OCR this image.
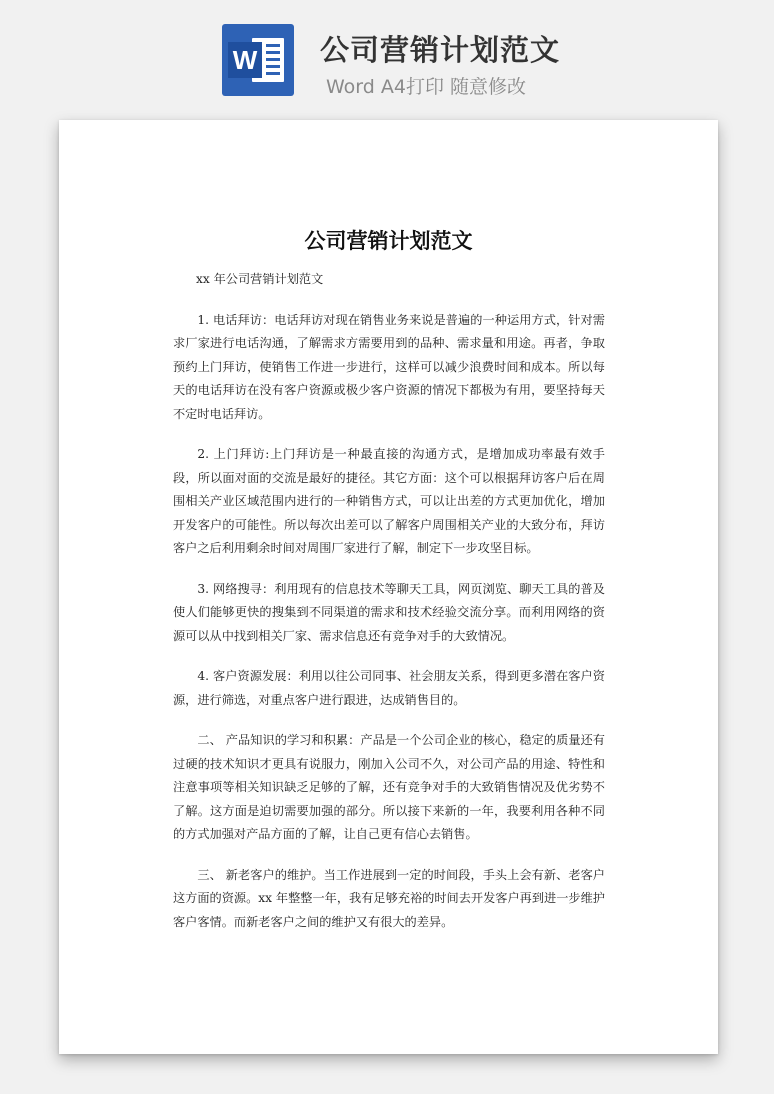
W 公司营销计划范文
Word A4打印 随意修改
公司营销计划范文
xx 年公司营销计划范文

1. 电话拜访：电话拜访对现在销售业务来说是普遍的一种运用方式，针对需求厂家进行电话沟通，了解需求方需要用到的品种、需求量和用途。再者，争取预约上门拜访，使销售工作进一步进行，这样可以减少浪费时间和成本。所以每天的电话拜访在没有客户资源或极少客户资源的情况下都极为有用，要坚持每天不定时电话拜访。

2. 上门拜访:上门拜访是一种最直接的沟通方式，是增加成功率最有效手段，所以面对面的交流是最好的捷径。其它方面：这个可以根据拜访客户后在周围相关产业区域范围内进行的一种销售方式，可以让出差的方式更加优化，增加开发客户的可能性。所以每次出差可以了解客户周围相关产业的大致分布，拜访客户之后利用剩余时间对周围厂家进行了解，制定下一步攻坚目标。

3. 网络搜寻：利用现有的信息技术等聊天工具，网页浏览、聊天工具的普及使人们能够更快的搜集到不同渠道的需求和技术经验交流分享。而利用网络的资源可以从中找到相关厂家、需求信息还有竞争对手的大致情况。

4. 客户资源发展：利用以往公司同事、社会朋友关系，得到更多潜在客户资源，进行筛选，对重点客户进行跟进，达成销售目的。

二、 产品知识的学习和积累：产品是一个公司企业的核心，稳定的质量还有过硬的技术知识才更具有说服力，刚加入公司不久，对公司产品的用途、特性和注意事项等相关知识缺乏足够的了解，还有竞争对手的大致销售情况及优劣势不了解。这方面是迫切需要加强的部分。所以接下来新的一年，我要利用各种不同的方式加强对产品方面的了解，让自己更有信心去销售。

三、 新老客户的维护。当工作进展到一定的时间段，手头上会有新、老客户这方面的资源。xx 年整整一年，我有足够充裕的时间去开发客户再到进一步维护客户客情。而新老客户之间的维护又有很大的差异。
